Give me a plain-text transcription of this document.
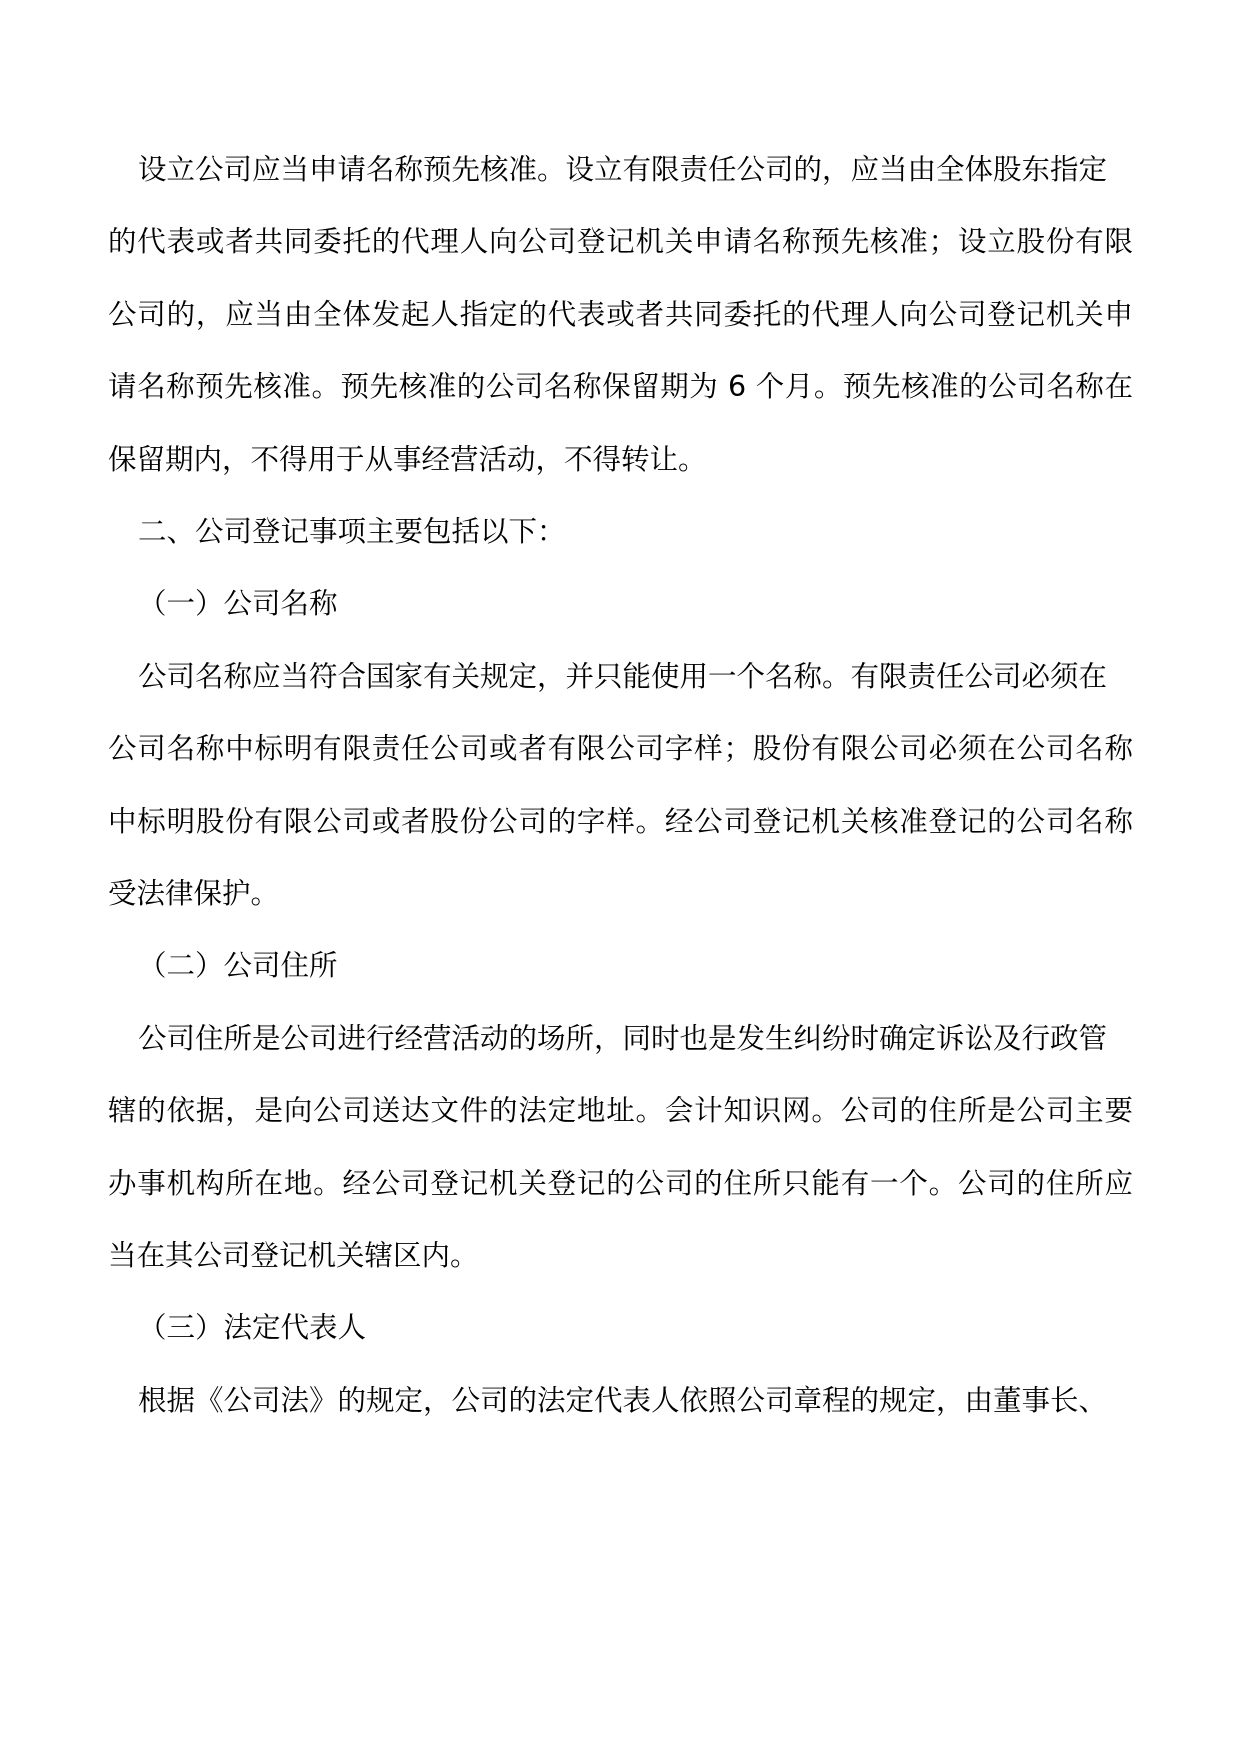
设立公司应当申请名称预先核准。设立有限责任公司的，应当由全体股东指定
的代表或者共同委托的代理人向公司登记机关申请名称预先核准；设立股份有限
公司的，应当由全体发起人指定的代表或者共同委托的代理人向公司登记机关申
请名称预先核准。预先核准的公司名称保留期为 6 个月。预先核准的公司名称在
保留期内，不得用于从事经营活动，不得转让。
二、公司登记事项主要包括以下：
（一）公司名称
公司名称应当符合国家有关规定，并只能使用一个名称。有限责任公司必须在
公司名称中标明有限责任公司或者有限公司字样；股份有限公司必须在公司名称
中标明股份有限公司或者股份公司的字样。经公司登记机关核准登记的公司名称
受法律保护。
（二）公司住所
公司住所是公司进行经营活动的场所，同时也是发生纠纷时确定诉讼及行政管
辖的依据，是向公司送达文件的法定地址。会计知识网。公司的住所是公司主要
办事机构所在地。经公司登记机关登记的公司的住所只能有一个。公司的住所应
当在其公司登记机关辖区内。
（三）法定代表人
根据《公司法》的规定，公司的法定代表人依照公司章程的规定，由董事长、
